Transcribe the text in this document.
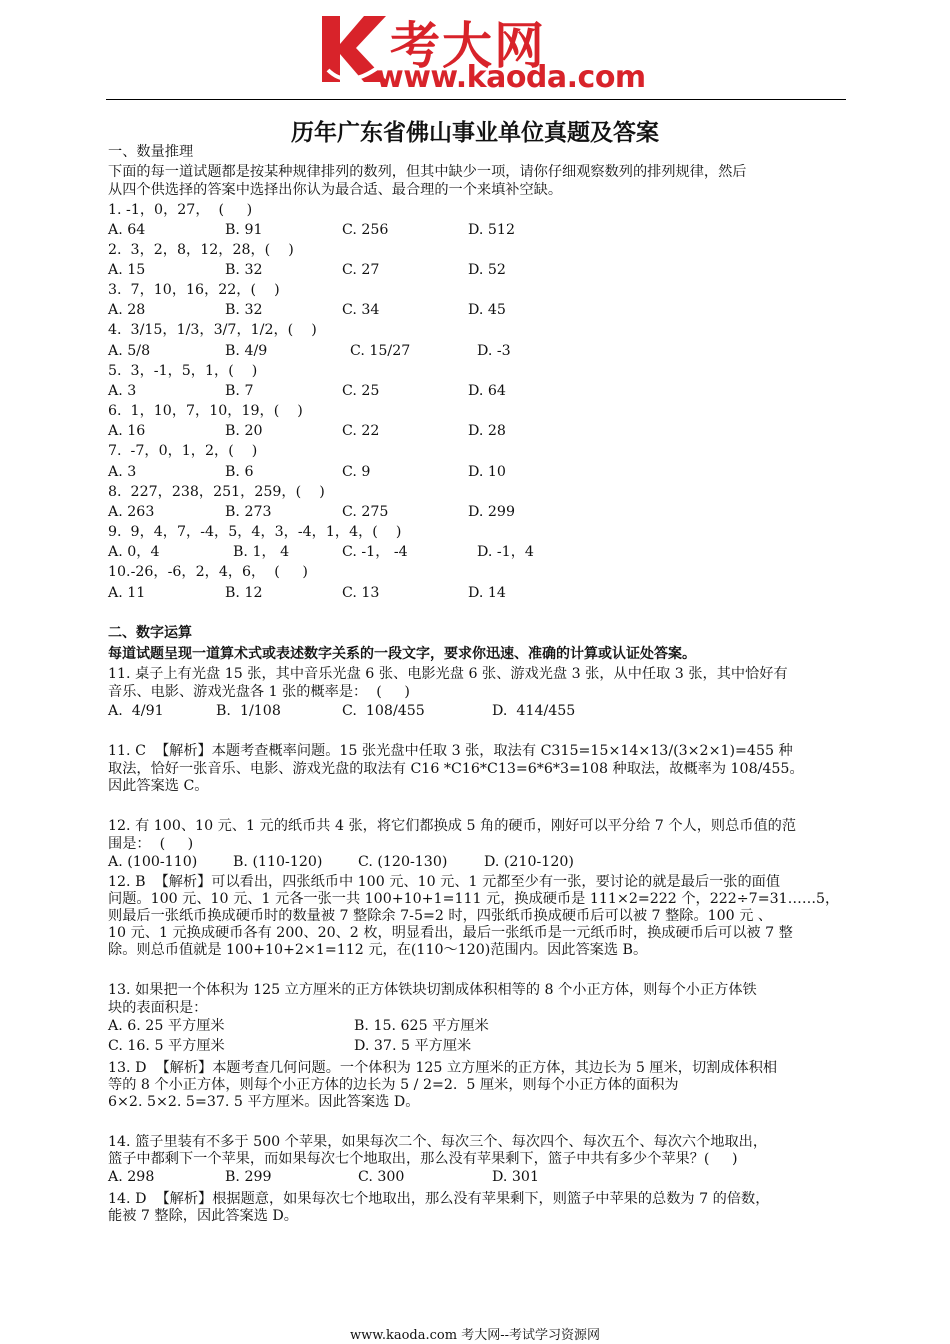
考大网
www.kaoda.com
历年广东省佛山事业单位真题及答案
一、数量推理
下面的每一道试题都是按某种规律排列的数列，但其中缺少一项，请你仔细观察数列的排列规律，然后
从四个供选择的答案中选择出你认为最合适、最合理的一个来填补空缺。
1. -1，0，27，  (     )
2.  3，2，8，12，28，(    )
3.  7，10，16，22，(    )
4.  3/15，1/3，3/7，1/2，(    )
5.  3，-1，5，1，(    )
6.  1，10，7，10，19，(    )
7.  -7，0，1，2，(    )
8.  227，238，251，259，(    )
9.  9，4，7，-4，5，4，3，-4，1，4，(    )
10.-26，-6，2，4，6，  (     )
二、数字运算
每道试题呈现一道算术式或表述数字关系的一段文字，要求你迅速、准确的计算或认证处答案。
11. 桌子上有光盘 15 张，其中音乐光盘 6 张、电影光盘 6 张、游戏光盘 3 张，从中任取 3 张，其中恰好有
音乐、电影、游戏光盘各 1 张的概率是：  (     )
11. C  【解析】本题考查概率问题。15 张光盘中任取 3 张，取法有 C315=15×14×13/(3×2×1)=455 种
取法，恰好一张音乐、电影、游戏光盘的取法有 C16 *C16*C13=6*6*3=108 种取法，故概率为 108/455。
因此答案选 C。
12. 有 100、10 元、1 元的纸币共 4 张，将它们都换成 5 角的硬币，刚好可以平分给 7 个人，则总币值的范
围是：  (     )
12. B  【解析】可以看出，四张纸币中 100 元、10 元、1 元都至少有一张，要讨论的就是最后一张的面值
问题。100 元、10 元、1 元各一张一共 100+10+1=111 元，换成硬币是 111×2=222 个，222÷7=31……5，
则最后一张纸币换成硬币时的数量被 7 整除余 7-5=2 时，四张纸币换成硬币后可以被 7 整除。100 元 、
10 元、1 元换成硬币各有 200、20、2 枚，明显看出，最后一张纸币是一元纸币时，换成硬币后可以被 7 整
除。则总币值就是 100+10+2×1=112 元，在(110～120)范围内。因此答案选 B。
13. 如果把一个体积为 125 立方厘米的正方体铁块切割成体积相等的 8 个小正方体，则每个小正方体铁
块的表面积是：
13. D  【解析】本题考查几何问题。一个体积为 125 立方厘米的正方体，其边长为 5 厘米，切割成体积相
等的 8 个小正方体，则每个小正方体的边长为 5 / 2=2.  5 厘米，则每个小正方体的面积为
6×2. 5×2. 5=37. 5 平方厘米。因此答案选 D。
14. 篮子里装有不多于 500 个苹果，如果每次二个、每次三个、每次四个、每次五个、每次六个地取出，
篮子中都剩下一个苹果，而如果每次七个地取出，那么没有苹果剩下，篮子中共有多少个苹果？(     )
14. D  【解析】根据题意，如果每次七个地取出，那么没有苹果剩下，则篮子中苹果的总数为 7 的倍数，
能被 7 整除，因此答案选 D。
A. 64	B. 91	C. 256	D. 512
A. 15	B. 32	C. 27	D. 52
A. 28	B. 32	C. 34	D. 45
A. 5/8	B. 4/9	C. 15/27	D. -3
A. 3	B. 7	C. 25	D. 64
A. 16	B. 20	C. 22	D. 28
A. 3	B. 6	C. 9	D. 10
A. 263	B. 273	C. 275	D. 299
A. 0，4	B. 1， 4	C. -1， -4	D. -1，4
A. 11	B. 12	C. 13	D. 14
A.  4/91	B.  1/108	C.  108/455	D.  414/455
A. (100-110)	B. (110-120)	C. (120-130)	D. (210-120)
A. 6. 25 平方厘米	B. 15. 625 平方厘米
C. 16. 5 平方厘米	D. 37. 5 平方厘米
A. 298	B. 299	C. 300	D. 301
www.kaoda.com 考大网--考试学习资源网
